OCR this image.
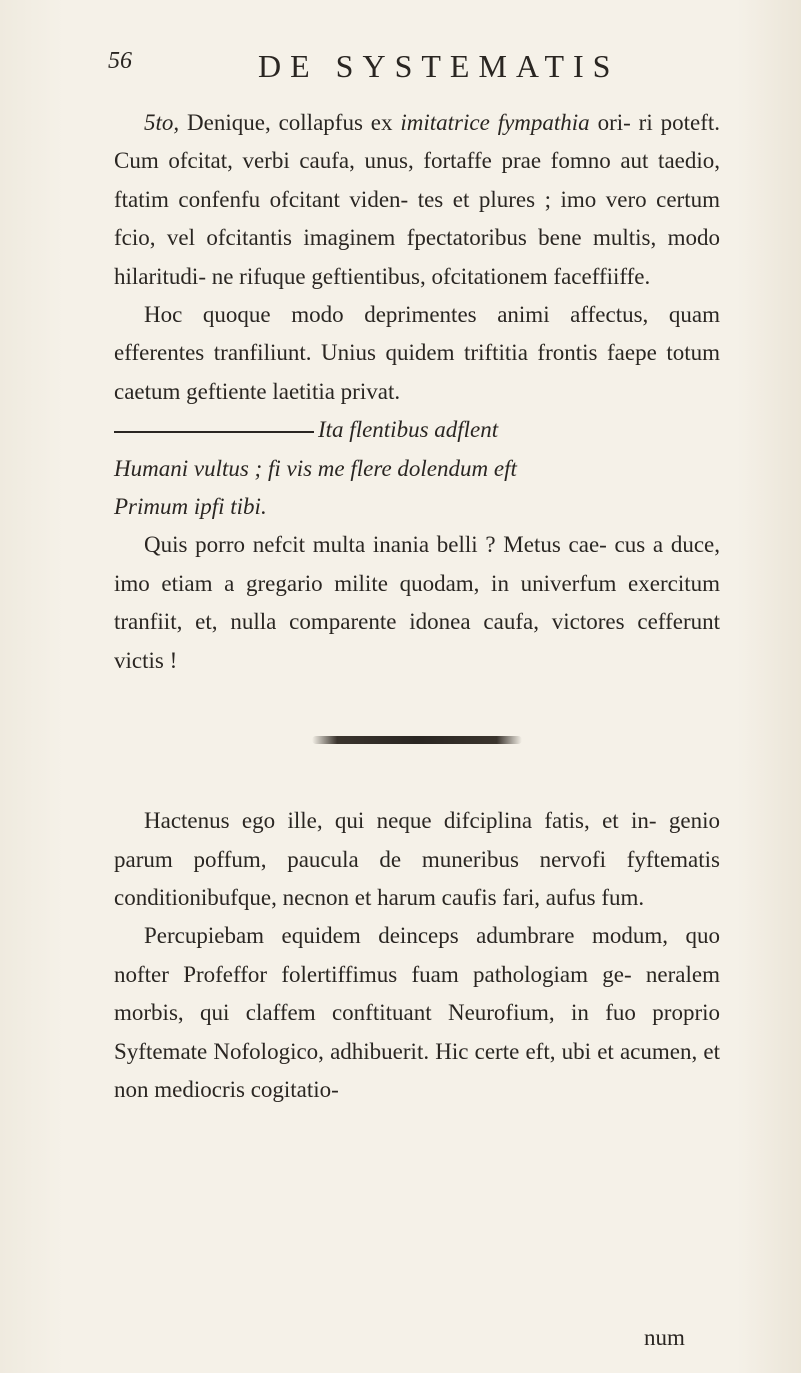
56	DE SYSTEMATIS

5to, Denique, collapfus ex imitatrice fympathia ori- ri poteft. Cum ofcitat, verbi caufa, unus, fortaffe prae fomno aut taedio, ftatim confenfu ofcitant viden- tes et plures ; imo vero certum fcio, vel ofcitantis imaginem fpectatoribus bene multis, modo hilaritudi- ne rifuque geftientibus, ofcitationem faceffiiffe.

Hoc quoque modo deprimentes animi affectus, quam efferentes tranfiliunt. Unius quidem triftitia frontis faepe totum caetum geftiente laetitia privat.

Ita flentibus adflent
Humani vultus ; fi vis me flere dolendum eft
Primum ipfi tibi.

Quis porro nefcit multa inania belli ? Metus cae- cus a duce, imo etiam a gregario milite quodam, in univerfum exercitum tranfiit, et, nulla comparente idonea caufa, victores cefferunt victis !

Hactenus ego ille, qui neque difciplina fatis, et in- genio parum poffum, paucula de muneribus nervofi fyftematis conditionibufque, necnon et harum caufis fari, aufus fum.

Percupiebam equidem deinceps adumbrare modum, quo nofter Profeffor folertiffimus fuam pathologiam ge- neralem morbis, qui claffem conftituant Neurofium, in fuo proprio Syftemate Nofologico, adhibuerit. Hic certe eft, ubi et acumen, et non mediocris cogitatio-

num
